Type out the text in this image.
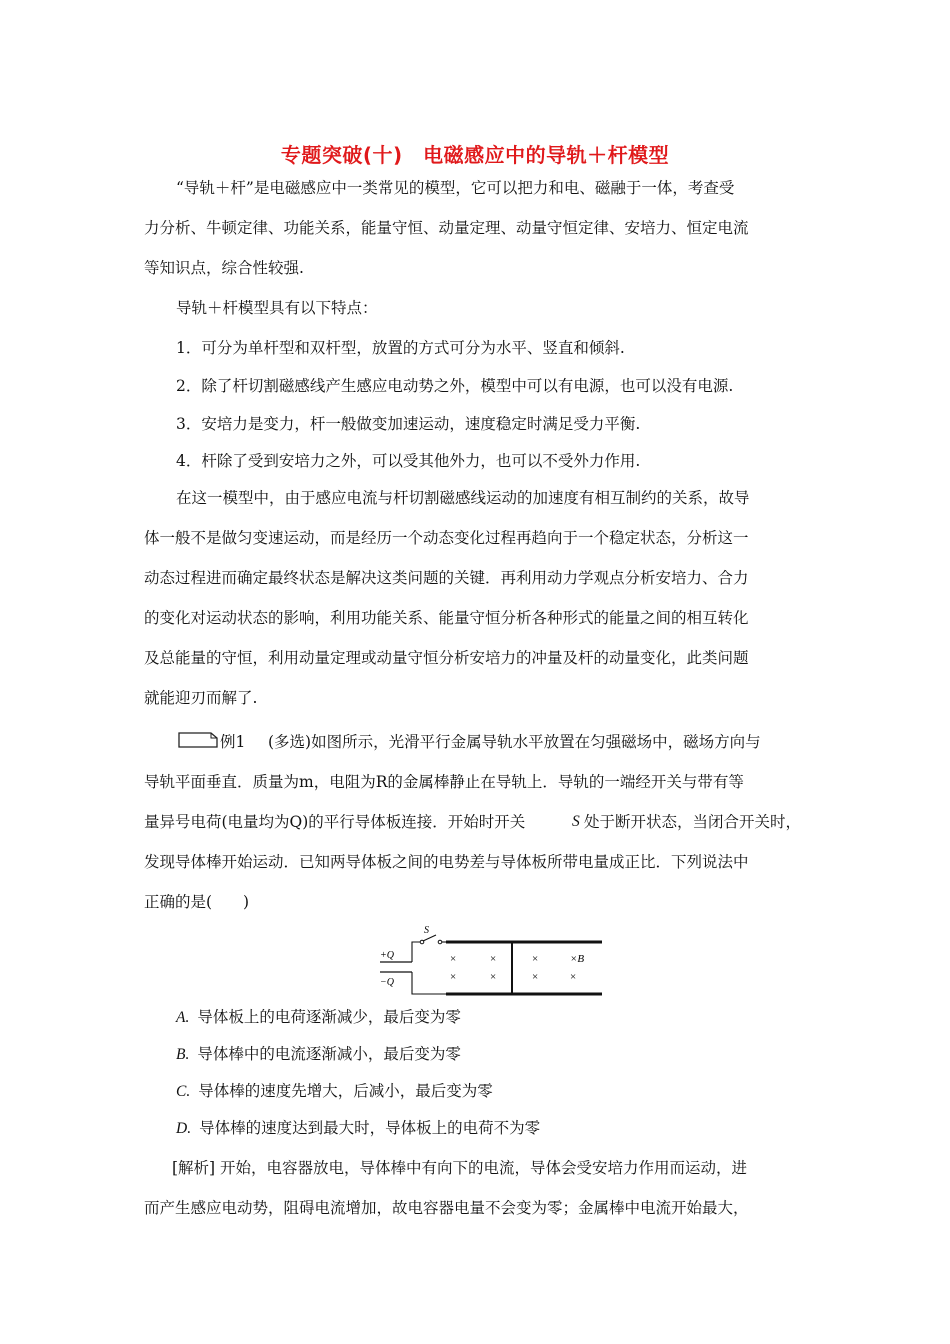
专题突破(十)　电磁感应中的导轨＋杆模型
“导轨＋杆”是电磁感应中一类常见的模型，它可以把力和电、磁融于一体，考查受
力分析、牛顿定律、功能关系，能量守恒、动量定理、动量守恒定律、安培力、恒定电流
等知识点，综合性较强.
导轨＋杆模型具有以下特点：
1．可分为单杆型和双杆型，放置的方式可分为水平、竖直和倾斜.
2．除了杆切割磁感线产生感应电动势之外，模型中可以有电源，也可以没有电源.
3．安培力是变力，杆一般做变加速运动，速度稳定时满足受力平衡.
4．杆除了受到安培力之外，可以受其他外力，也可以不受外力作用.
在这一模型中，由于感应电流与杆切割磁感线运动的加速度有相互制约的关系，故导
体一般不是做匀变速运动，而是经历一个动态变化过程再趋向于一个稳定状态，分析这一
动态过程进而确定最终状态是解决这类问题的关键．再利用动力学观点分析安培力、合力
的变化对运动状态的影响，利用功能关系、能量守恒分析各种形式的能量之间的相互转化
及总能量的守恒，利用动量定理或动量守恒分析安培力的冲量及杆的动量变化，此类问题
就能迎刃而解了.
例1 (多选)如图所示，光滑平行金属导轨水平放置在匀强磁场中，磁场方向与
导轨平面垂直．质量为m，电阻为R的金属棒静止在导轨上．导轨的一端经开关与带有等
量异号电荷(电量均为Q)的平行导体板连接．开始时开关	S 处于断开状态，当闭合开关时，
发现导体棒开始运动．已知两导体板之间的电势差与导体板所带电量成正比．下列说法中
正确的是(　　)
S
+Q
−Q
×	×	×	×B
×	×	×	×
A. 导体板上的电荷逐渐减少，最后变为零
B. 导体棒中的电流逐渐减小，最后变为零
C. 导体棒的速度先增大，后减小，最后变为零
D. 导体棒的速度达到最大时，导体板上的电荷不为零
[解析] 开始，电容器放电，导体棒中有向下的电流，导体会受安培力作用而运动，进
而产生感应电动势，阻碍电流增加，故电容器电量不会变为零；金属棒中电流开始最大，
